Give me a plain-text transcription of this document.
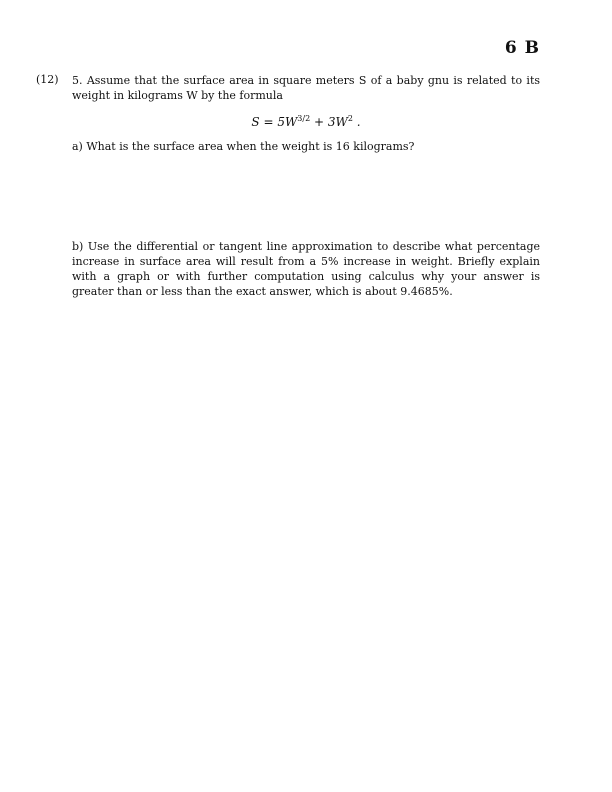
6 B
(12) 5. Assume that the surface area in square meters S of a baby gnu is related to its weight in kilograms W by the formula
$S = 5W^{3/2} + 3W^2$ .
a) What is the surface area when the weight is 16 kilograms?
b) Use the differential or tangent line approximation to describe what percentage increase in surface area will result from a 5% increase in weight. Briefly explain with a graph or with further computation using calculus why your answer is greater than or less than the exact answer, which is about 9.4685%.
